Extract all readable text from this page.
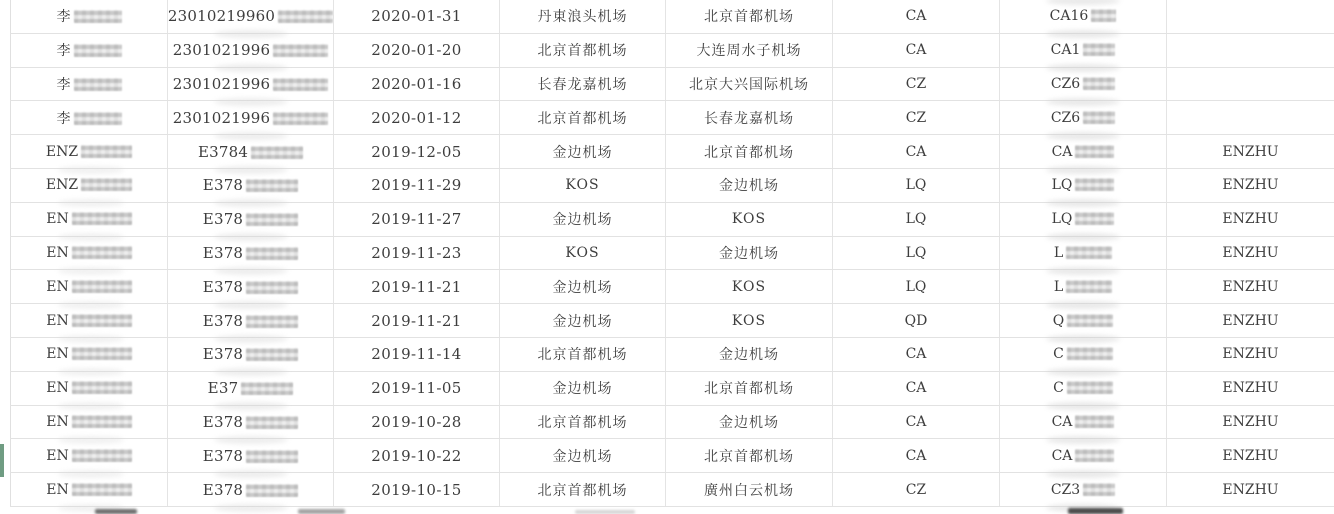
李	23010219960	2020-01-31	丹東浪头机场	北京首都机场	CA	CA16
李	2301021996	2020-01-20	北京首都机场	大连周水子机场	CA	CA1
李	2301021996	2020-01-16	长春龙嘉机场	北京大兴国际机场	CZ	CZ6
李	2301021996	2020-01-12	北京首都机场	长春龙嘉机场	CZ	CZ6
ENZ	E3784	2019-12-05	金边机场	北京首都机场	CA	CA	ENZHU
ENZ	E378	2019-11-29	KOS	金边机场	LQ	LQ	ENZHU
EN	E378	2019-11-27	金边机场	KOS	LQ	LQ	ENZHU
EN	E378	2019-11-23	KOS	金边机场	LQ	L	ENZHU
EN	E378	2019-11-21	金边机场	KOS	LQ	L	ENZHU
EN	E378	2019-11-21	金边机场	KOS	QD	Q	ENZHU
EN	E378	2019-11-14	北京首都机场	金边机场	CA	C	ENZHU
EN	E37	2019-11-05	金边机场	北京首都机场	CA	C	ENZHU
EN	E378	2019-10-28	北京首都机场	金边机场	CA	CA	ENZHU
EN	E378	2019-10-22	金边机场	北京首都机场	CA	CA	ENZHU
EN	E378	2019-10-15	北京首都机场	廣州白云机场	CZ	CZ3	ENZHU
